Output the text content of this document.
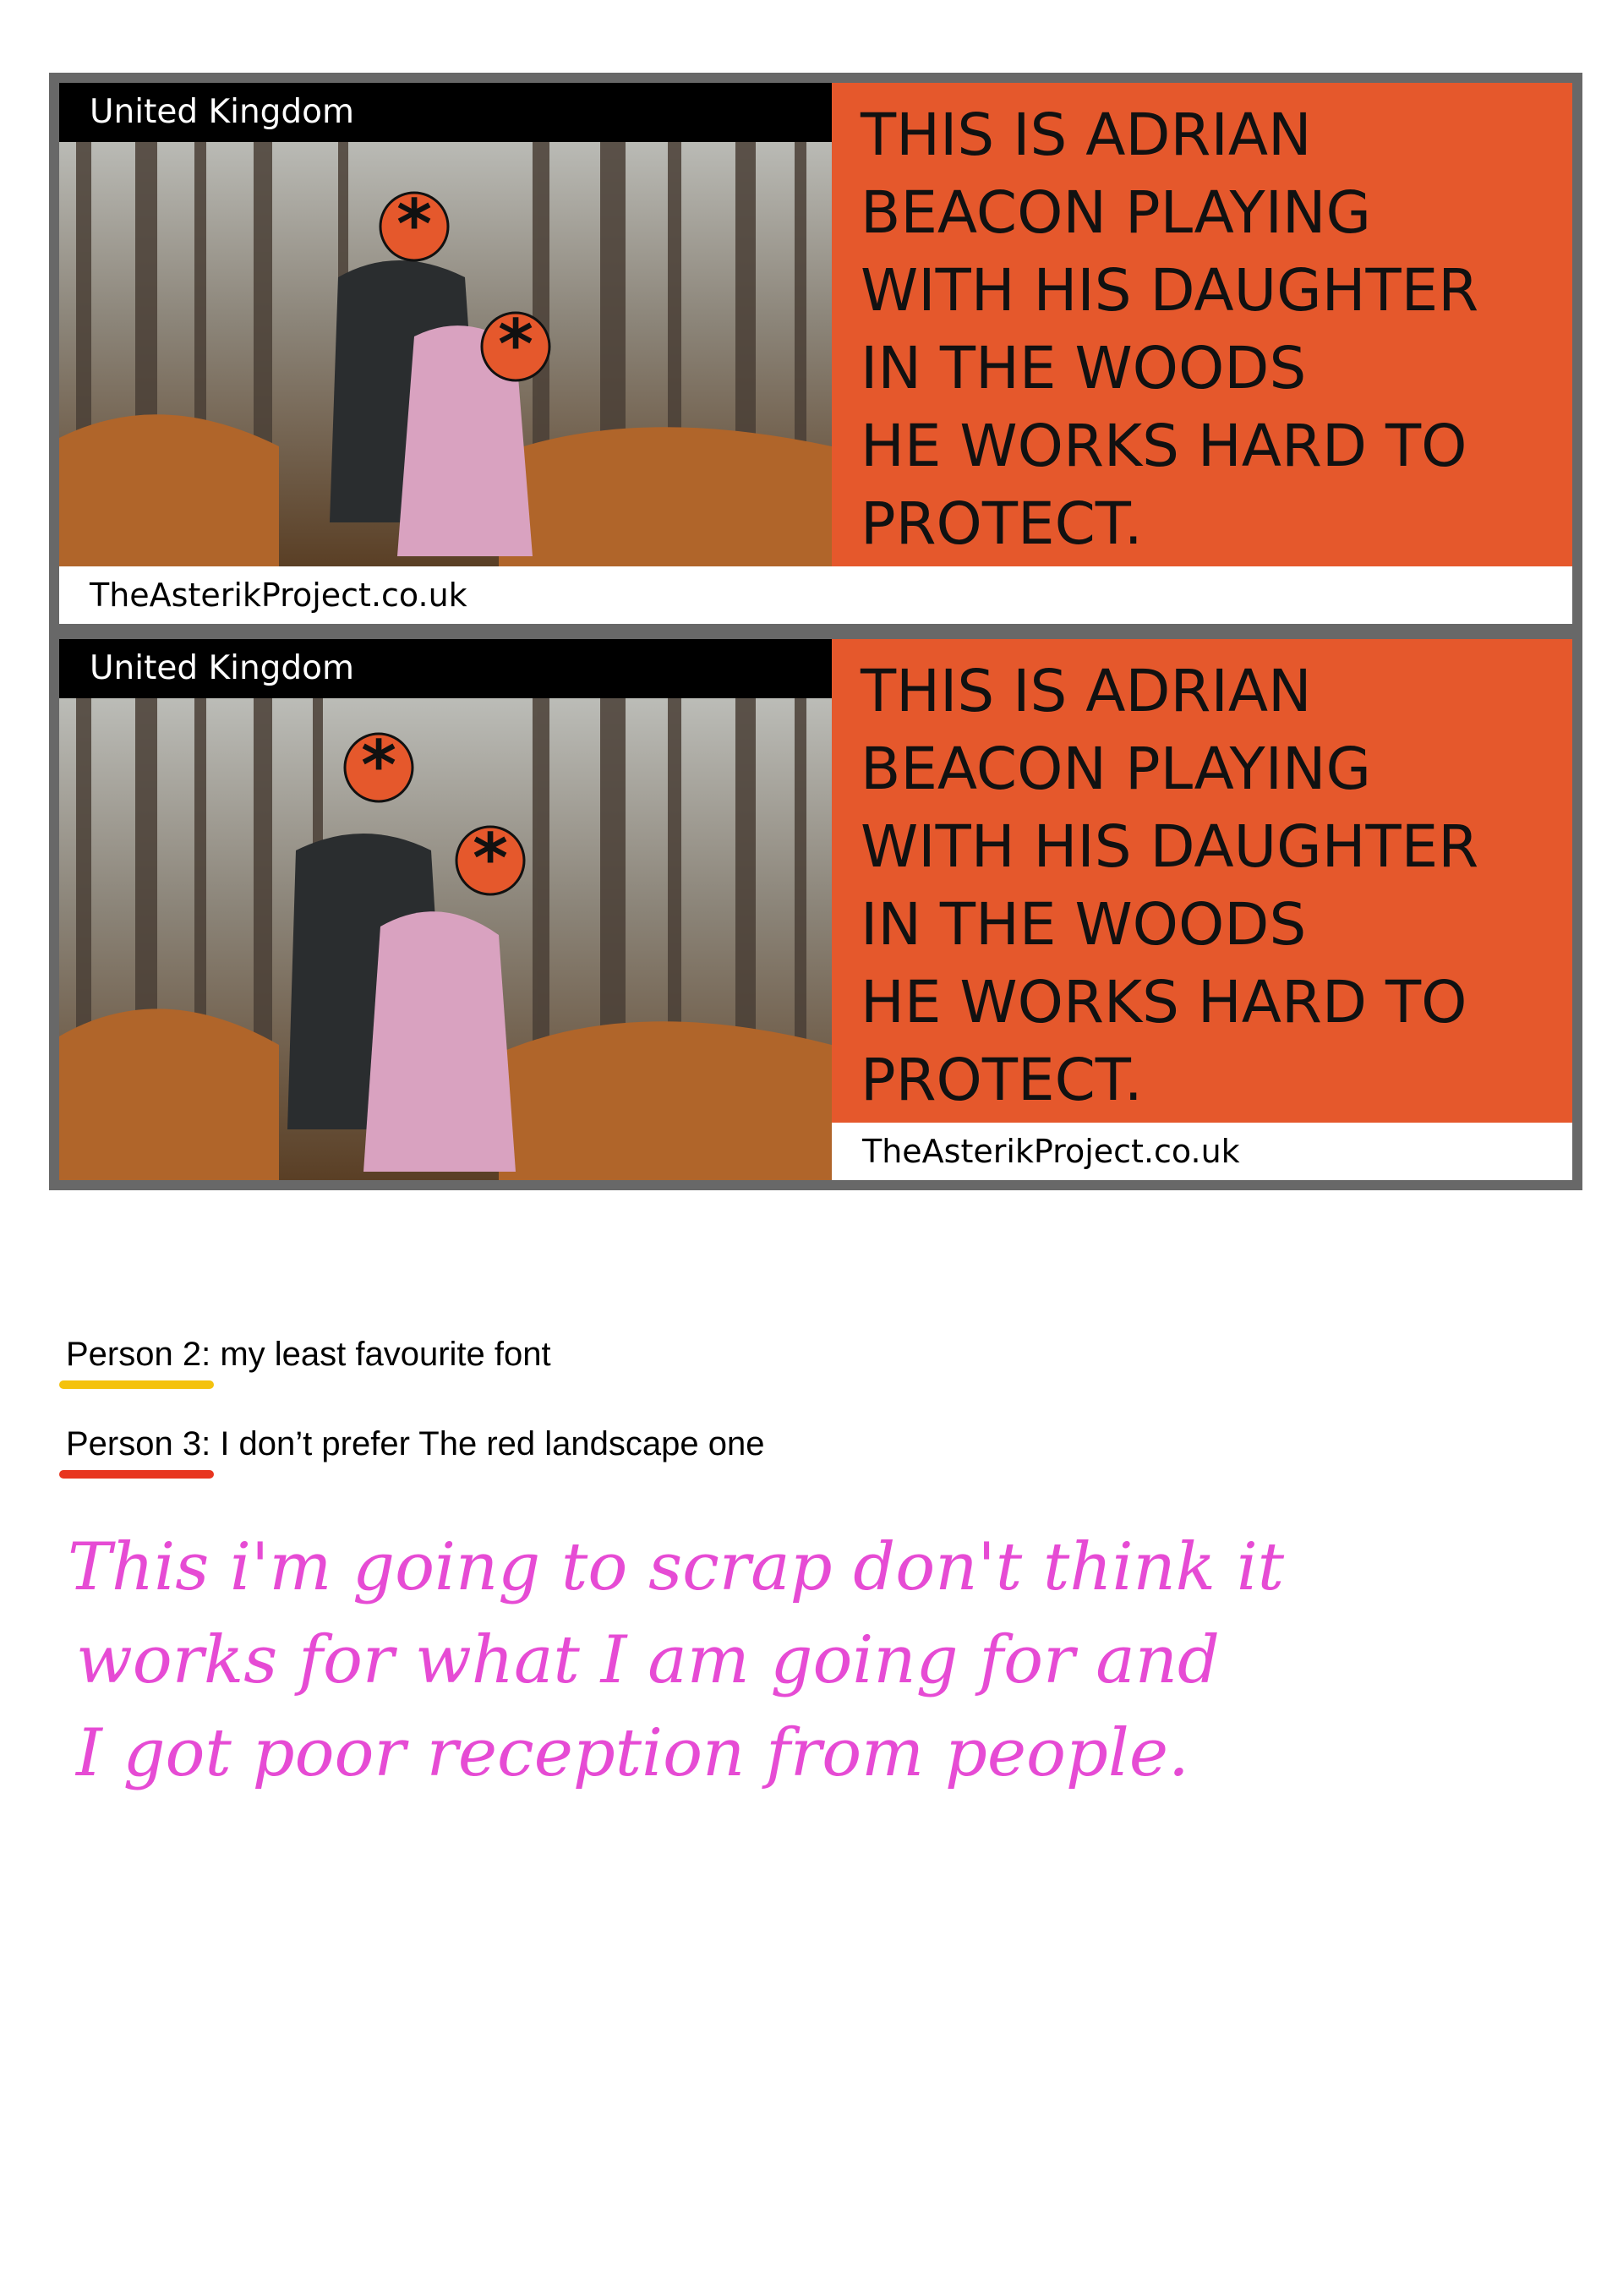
*
*
United Kingdom	THIS IS ADRIAN
BEACON PLAYING
WITH HIS DAUGHTER
IN THE WOODS
HE WORKS HARD TO
PROTECT.
TheAsterikProject.co.uk
*
*
United Kingdom	THIS IS ADRIAN
BEACON PLAYING
WITH HIS DAUGHTER
IN THE WOODS
HE WORKS HARD TO
PROTECT.
TheAsterikProject.co.uk
Person 2:
my least favourite font
Person 3:
I don’t prefer The red landscape one
This i'm going to scrap don't think it
works for what I am going for and
I got poor reception from people.
